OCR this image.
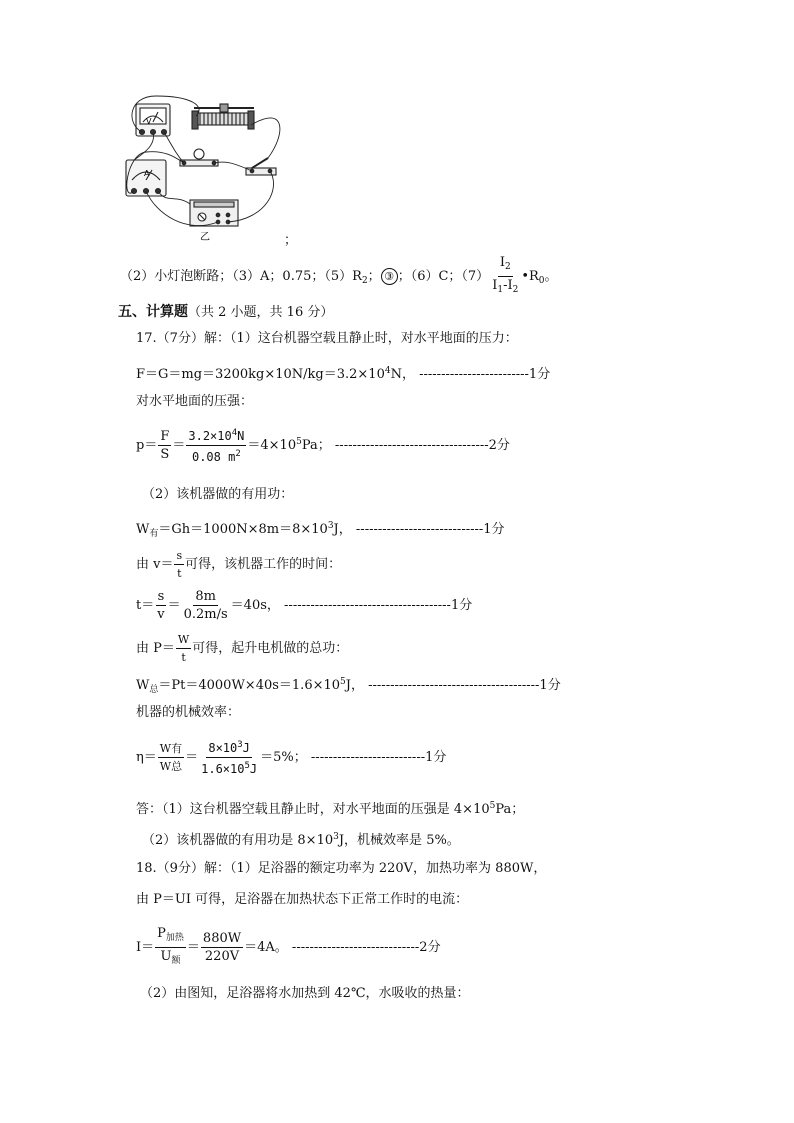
V
A
乙	；
（2）小灯泡断路；（3）A；0.75；$(5)R_2$； ③ ；（6）C；$(7) \frac{I_2}{I_1-I_2}$ $•R_0$。
五、计算题（共 2 小题，共 16 分）
17.（7分）解：（1）这台机器空载且静止时，对水平地面的压力：
$F=G=mg=3200kg\times 10N/kg=3.2\times 10^4N$， -------------------------1分
对水平地面的压强：
$p= \frac{F}{S} = \frac{3.2\times 10^4N}{0.08 m^2} =4\times 10^5Pa$； -----------------------------------2分
（2）该机器做的有用功：
$W_有=Gh=1000N\times 8m=8\times 10^3J$， -----------------------------1分
由 $v= \frac{s}{t}$ 可得，该机器工作的时间：
$t= \frac{s}{v} = \frac{8m}{0.2m/s} =40s$， --------------------------------------1分
由 $P= \frac{W}{t}$ 可得，起升电机做的总功：
$W_总=Pt=4000W\times 40s=1.6\times 10^5J$， ---------------------------------------1分
机器的机械效率：
$\eta= \frac{\text{W有}}{\text{W总}} = \frac{8\times 10^3J}{1.6\times 10^5J} =5\%$； --------------------------1分
答：（1）这台机器空载且静止时，对水平地面的压强是 $4\times 10^5Pa$；
（2）该机器做的有用功是 $8\times 10^3J$，机械效率是 5%。
18.（9分）解：（1）足浴器的额定功率为 220V，加热功率为 880W，
由 P＝UI 可得，足浴器在加热状态下正常工作时的电流：
$I= \frac{P_{加热}}{U_额} = \frac{880W}{220V} =4A$。 -----------------------------2分
（2）由图知，足浴器将水加热到 42℃，水吸收的热量：
